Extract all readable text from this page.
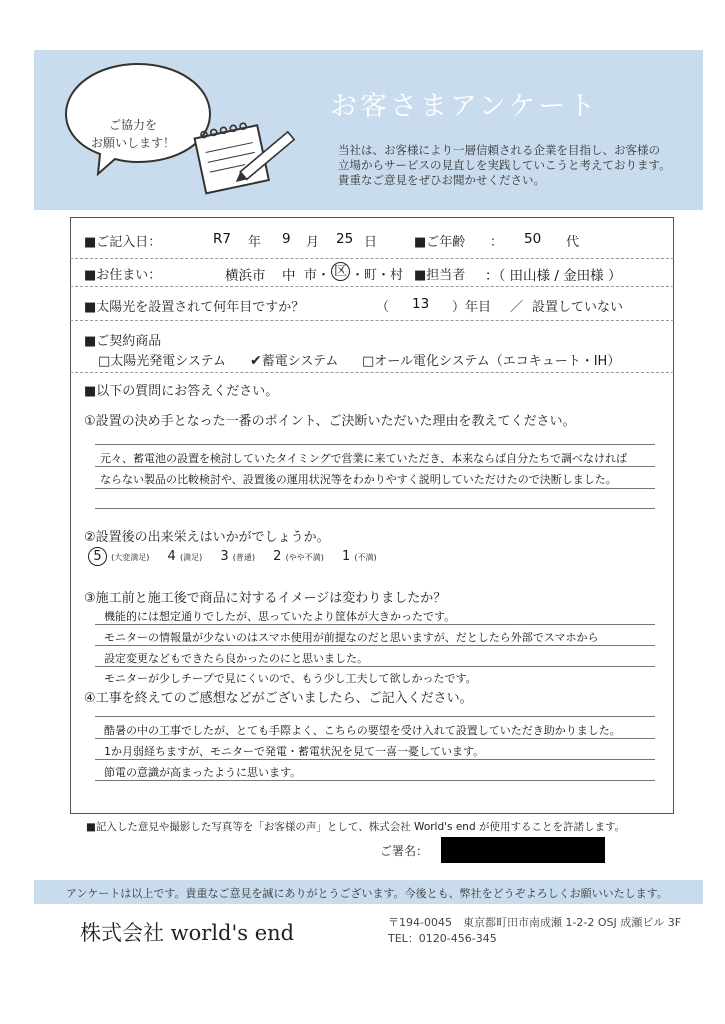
ご協力を
お願いします！
お客さまアンケート
当社は、お客様により一層信頼される企業を目指し、お客様の
立場からサービスの見直しを実践していこうと考えております。
貴重なご意見をぜひお聞かせください。
■ご記入日：	R7 年 9 月 25 日	■ご年齢 ： 50 代
■お住まい：	横浜市 中 市・ 区 ・町・村 ■担当者 ：（ 田山様 / 金田様 ）
■太陽光を設置されて何年目ですか？	（ 13 ）年目 ／ 設置していない
■ご契約商品
□太陽光発電システム ✔蓄電システム □オール電化システム（エコキュート・IH）
■以下の質問にお答えください。
①設置の決め手となった一番のポイント、ご決断いただいた理由を教えてください。
元々、蓄電池の設置を検討していたタイミングで営業に来ていただき、本来ならば自分たちで調べなければ
ならない製品の比較検討や、設置後の運用状況等をわかりやすく説明していただけたので決断しました。
②設置後の出来栄えはいかがでしょうか。
5 (大変満足) 4 (満足) 3 (普通) 2 (やや不満) 1 (不満)
③施工前と施工後で商品に対するイメージは変わりましたか？
機能的には想定通りでしたが、思っていたより筐体が大きかったです。
モニターの情報量が少ないのはスマホ使用が前提なのだと思いますが、だとしたら外部でスマホから
設定変更などもできたら良かったのにと思いました。
モニターが少しチープで見にくいので、もう少し工夫して欲しかったです。
④工事を終えてのご感想などがございましたら、ご記入ください。
酷暑の中の工事でしたが、とても手際よく、こちらの要望を受け入れて設置していただき助かりました。
1か月弱経ちますが、モニターで発電・蓄電状況を見て一喜一憂しています。
節電の意識が高まったように思います。
■記入した意見や撮影した写真等を「お客様の声」として、株式会社 World's end が使用することを許諾します。
ご署名：
アンケートは以上です。貴重なご意見を誠にありがとうございます。今後とも、弊社をどうぞよろしくお願いいたします。
株式会社 world's end	〒194-0045　東京都町田市南成瀬 1-2-2 OSJ 成瀬ビル 3F
TEL：0120-456-345
